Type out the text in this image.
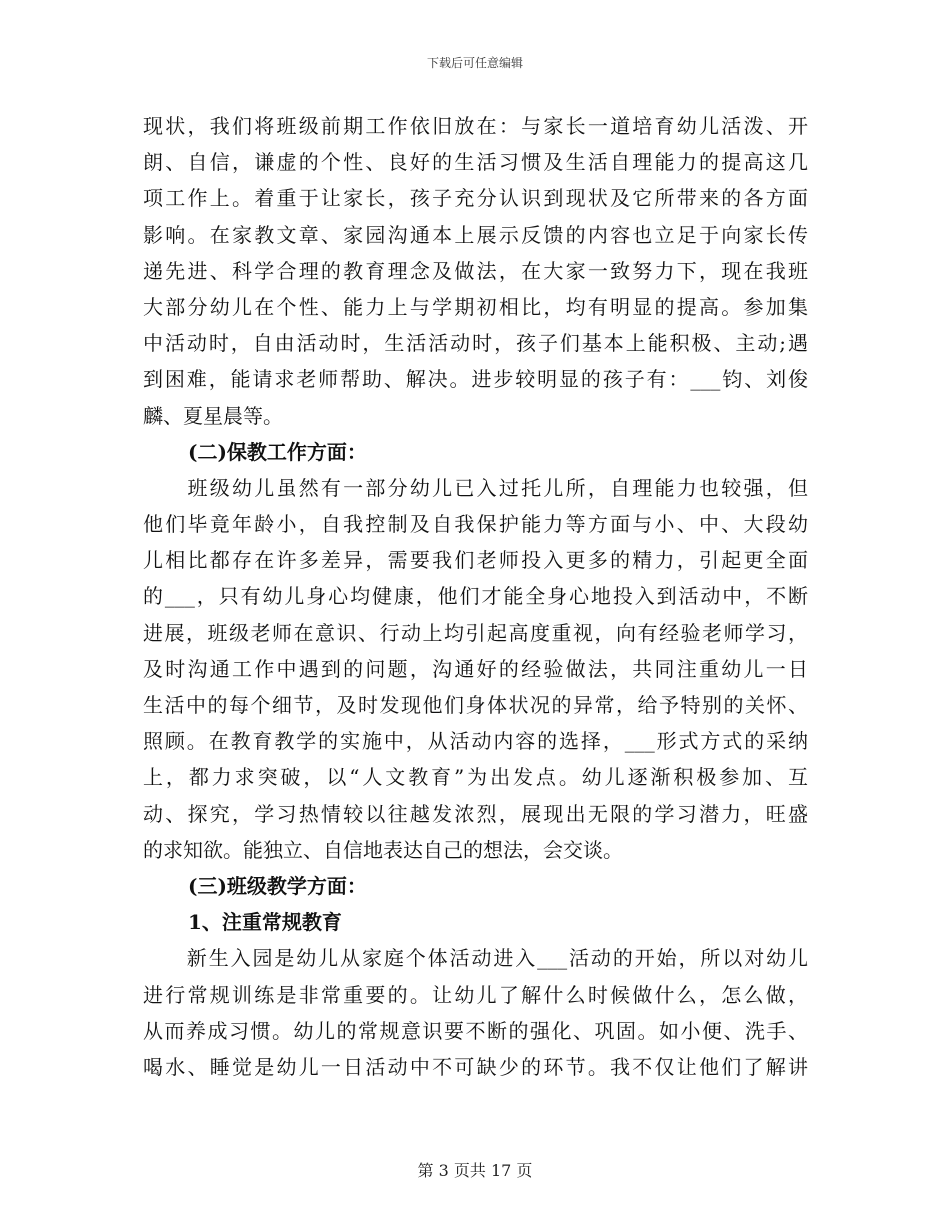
下载后可任意编辑
现状，我们将班级前期工作依旧放在：与家长一道培育幼儿活泼、开
朗、自信，谦虚的个性、良好的生活习惯及生活自理能力的提高这几
项工作上。着重于让家长，孩子充分认识到现状及它所带来的各方面
影响。在家教文章、家园沟通本上展示反馈的内容也立足于向家长传
递先进、科学合理的教育理念及做法，在大家一致努力下，现在我班
大部分幼儿在个性、能力上与学期初相比，均有明显的提高。参加集
中活动时，自由活动时，生活活动时，孩子们基本上能积极、主动;遇
到困难，能请求老师帮助、解决。进步较明显的孩子有：___钧、刘俊
麟、夏星晨等。
(二)保教工作方面：
　　班级幼儿虽然有一部分幼儿已入过托儿所，自理能力也较强，但
他们毕竟年龄小，自我控制及自我保护能力等方面与小、中、大段幼
儿相比都存在许多差异，需要我们老师投入更多的精力，引起更全面
的___，只有幼儿身心均健康，他们才能全身心地投入到活动中，不断
进展，班级老师在意识、行动上均引起高度重视，向有经验老师学习，
及时沟通工作中遇到的问题，沟通好的经验做法，共同注重幼儿一日
生活中的每个细节，及时发现他们身体状况的异常，给予特别的关怀、
照顾。在教育教学的实施中，从活动内容的选择，___形式方式的采纳
上，都力求突破，以“人文教育”为出发点。幼儿逐渐积极参加、互
动、探究，学习热情较以往越发浓烈，展现出无限的学习潜力，旺盛
的求知欲。能独立、自信地表达自己的想法，会交谈。
(三)班级教学方面：
1、注重常规教育
　　新生入园是幼儿从家庭个体活动进入___活动的开始，所以对幼儿
进行常规训练是非常重要的。让幼儿了解什么时候做什么，怎么做，
从而养成习惯。幼儿的常规意识要不断的强化、巩固。如小便、洗手、
喝水、睡觉是幼儿一日活动中不可缺少的环节。我不仅让他们了解讲
第 3 页共 17 页
